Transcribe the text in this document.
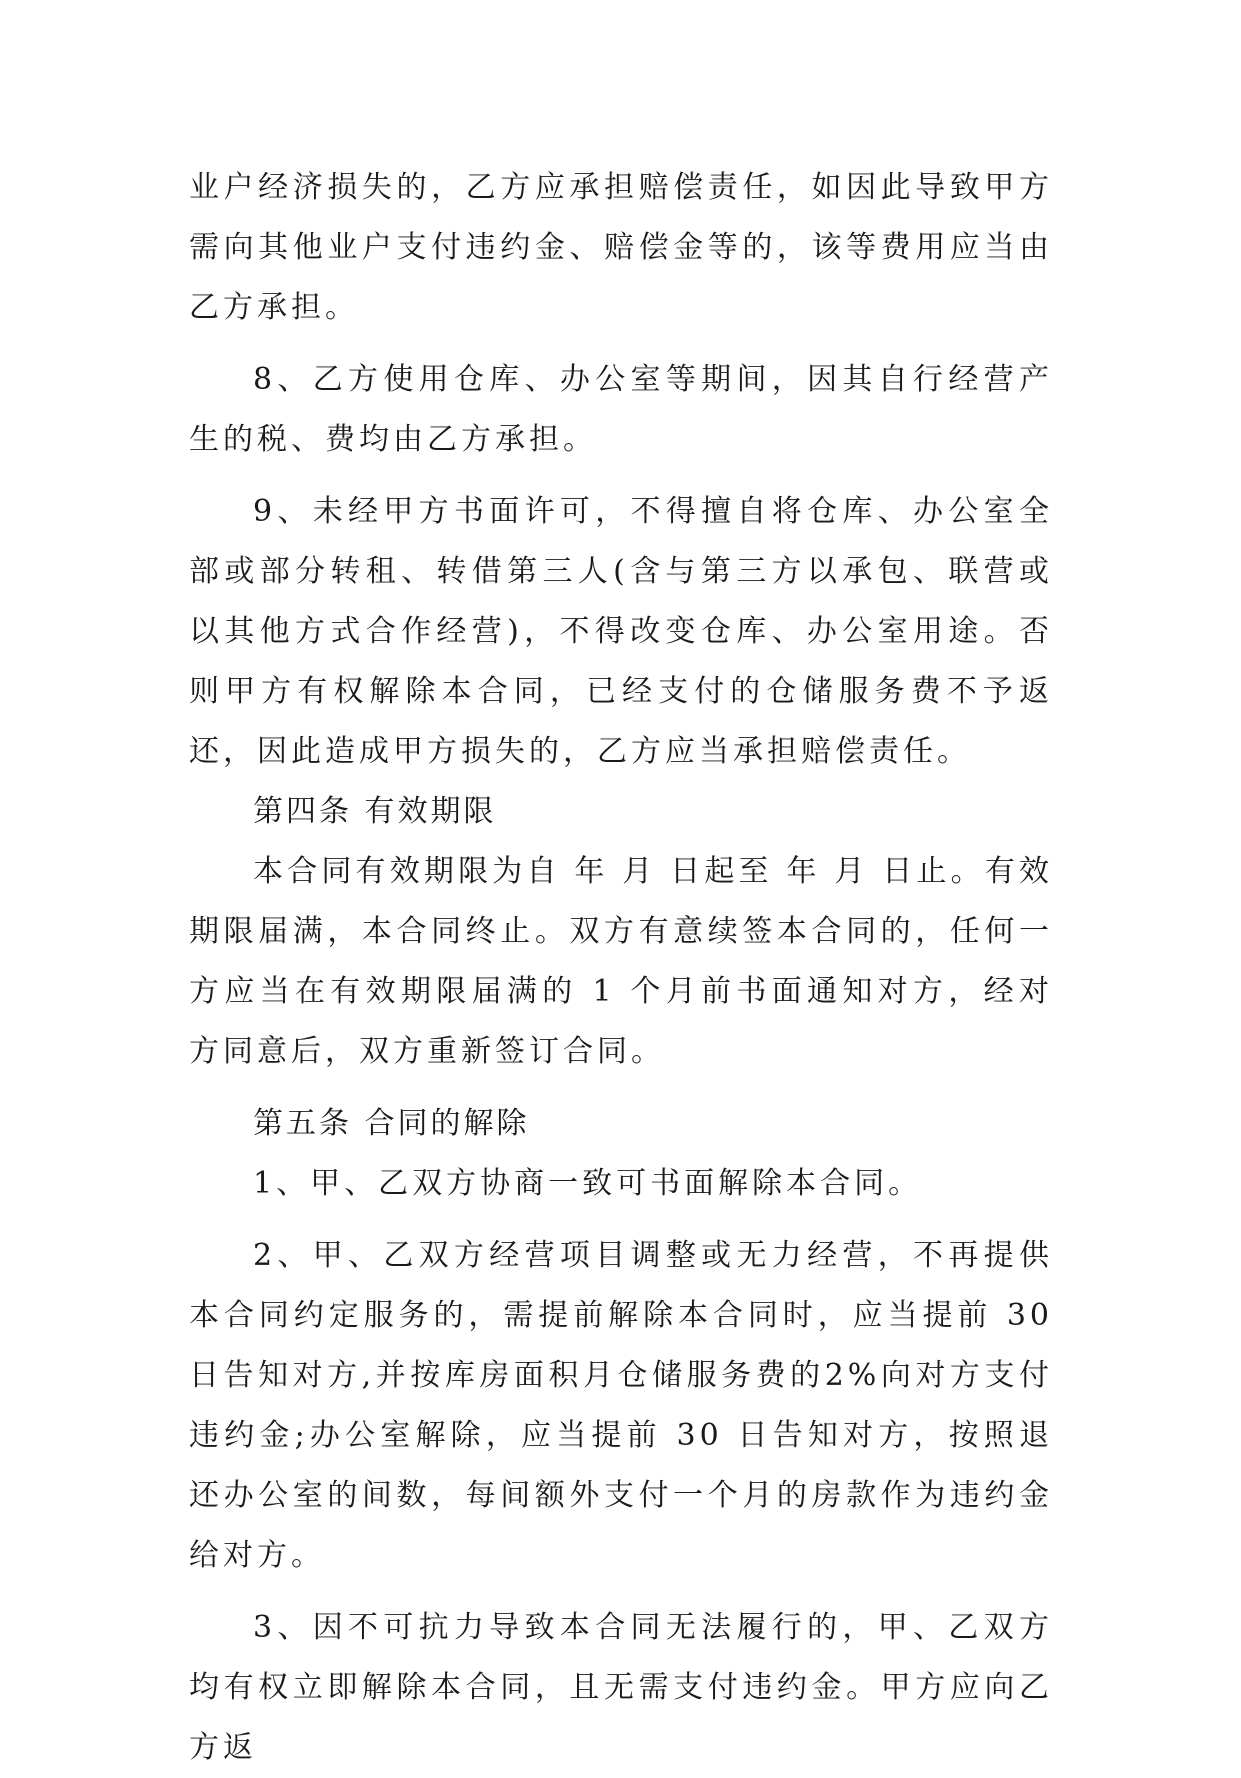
业户经济损失的，乙方应承担赔偿责任，如因此导致甲方需向其他业户支付违约金、赔偿金等的，该等费用应当由乙方承担。

8、乙方使用仓库、办公室等期间，因其自行经营产生的税、费均由乙方承担。

9、未经甲方书面许可，不得擅自将仓库、办公室全部或部分转租、转借第三人(含与第三方以承包、联营或以其他方式合作经营)，不得改变仓库、办公室用途。否则甲方有权解除本合同，已经支付的仓储服务费不予返还，因此造成甲方损失的，乙方应当承担赔偿责任。

第四条 有效期限

本合同有效期限为自 年 月 日起至 年 月 日止。有效期限届满，本合同终止。双方有意续签本合同的，任何一方应当在有效期限届满的 1 个月前书面通知对方，经对方同意后，双方重新签订合同。

第五条 合同的解除

1、甲、乙双方协商一致可书面解除本合同。

2、甲、乙双方经营项目调整或无力经营，不再提供本合同约定服务的，需提前解除本合同时，应当提前 30 日告知对方,并按库房面积月仓储服务费的2%向对方支付违约金;办公室解除，应当提前 30 日告知对方，按照退还办公室的间数，每间额外支付一个月的房款作为违约金给对方。

3、因不可抗力导致本合同无法履行的，甲、乙双方均有权立即解除本合同，且无需支付违约金。甲方应向乙方返
